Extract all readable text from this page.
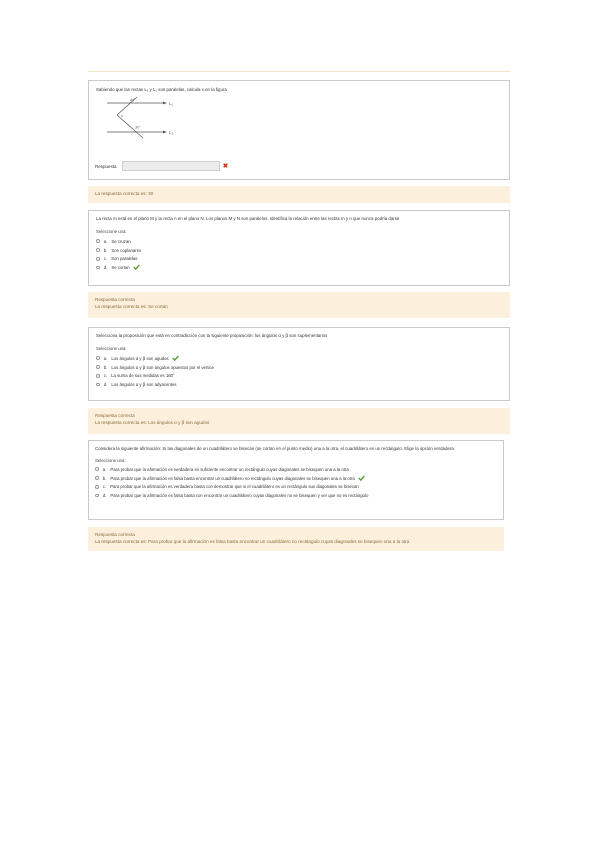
Sabiendo que las rectas L₁ y L₂ son paralelas, calcula x en la figura
L₁
L₂
4x°
x
3x°
Respuesta	✖
La respuesta correcta es: 30
La recta m está en el plano M y la recta n en el plano N. Los planos M y N son paralelos. Identifica la relación entre las rectas m y n que nunca podría darse
Seleccione una:
a. Se cruzan
b. Son coplanares
c. Son paralelas
d. Se cortan
Respuesta correcta
La respuesta correcta es: Se cortan
Selecciona la proposición que está en contradicción con la siguiente proposición: los ángulos α y β son suplementarios
Seleccione una:
a. Los ángulos α y β son agudos
b. Los ángulos α y β son ángulos opuestos por el vértice
c. La suma de sus medidas es 180°
d. Los ángulos α y β son adyacentes
Respuesta correcta
La respuesta correcta es: Los ángulos α y β son agudos
Considera la siguiente afirmación: Si las diagonales de un cuadrilátero se bisecan (se cortan en el punto medio) una a la otra, el cuadrilátero es un rectángulo. Elige la opción verdadera
Seleccione una:
a. Para probar que la afirmación es verdadera es suficiente encontrar un rectángulo cuyas diagonales se bisequen una a la otra
b. Para probar que la afirmación es falsa basta encontrar un cuadrilátero no rectángulo cuyas diagonales se bisequen una a la otra
c. Para probar que la afirmación es verdadera basta con demostrar que si el cuadrilátero es un rectángulo sus diagonales se bisecan
d. Para probar que la afirmación es falsa basta con encontrar un cuadrilátero cuyas diagonales no se bisequen y ver que no es rectángulo
Respuesta correcta
La respuesta correcta es: Para probar que la afirmación es falsa basta encontrar un cuadrilátero no rectángulo cuyas diagonales se bisequen una a la otra
